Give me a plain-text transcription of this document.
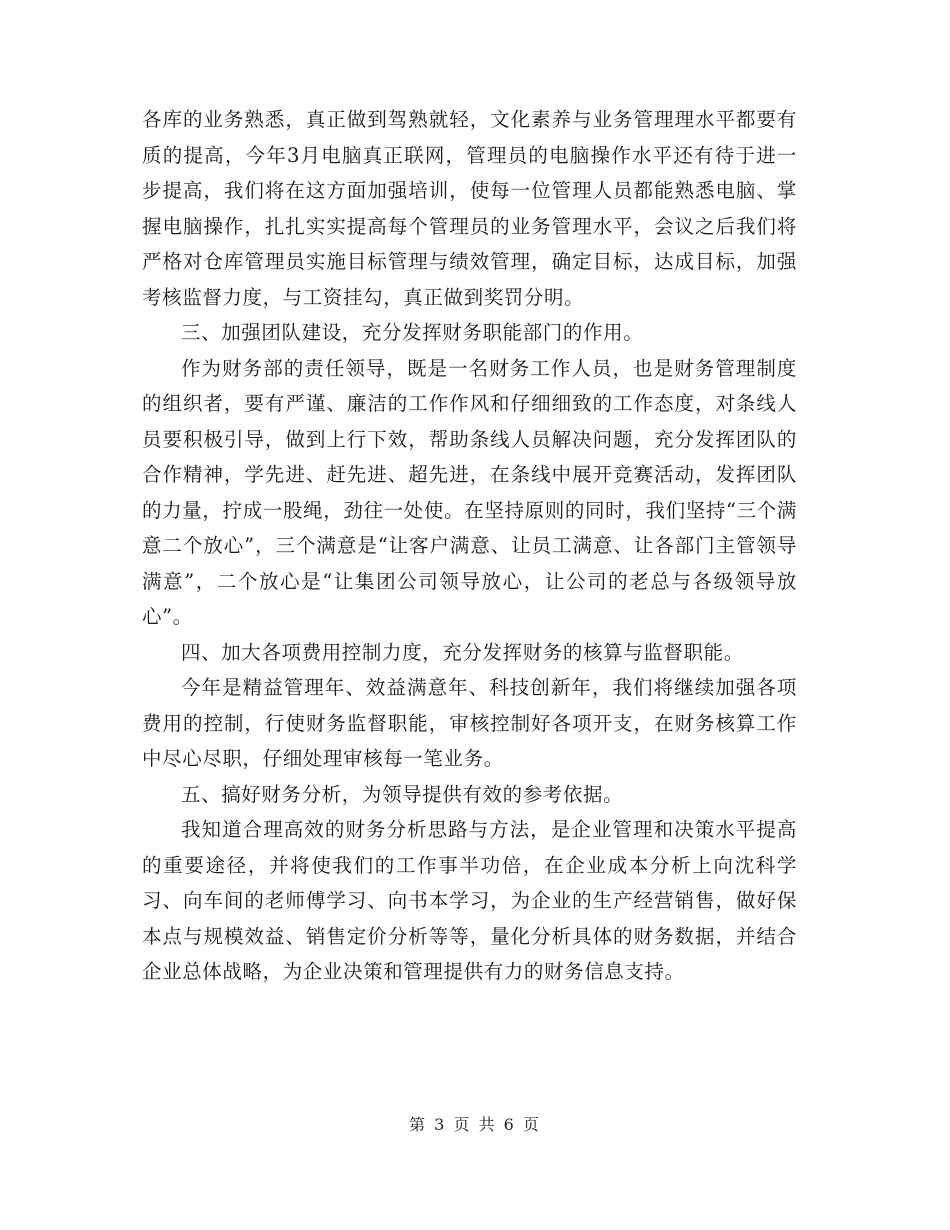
各库的业务熟悉，真正做到驾熟就轻，文化素养与业务管理理水平都要有质的提高，今年3月电脑真正联网，管理员的电脑操作水平还有待于进一步提高，我们将在这方面加强培训，使每一位管理人员都能熟悉电脑、掌握电脑操作，扎扎实实提高每个管理员的业务管理水平，会议之后我们将严格对仓库管理员实施目标管理与绩效管理，确定目标，达成目标，加强考核监督力度，与工资挂勾，真正做到奖罚分明。

三、加强团队建设，充分发挥财务职能部门的作用。

作为财务部的责任领导，既是一名财务工作人员，也是财务管理制度的组织者，要有严谨、廉洁的工作作风和仔细细致的工作态度，对条线人员要积极引导，做到上行下效，帮助条线人员解决问题，充分发挥团队的合作精神，学先进、赶先进、超先进，在条线中展开竞赛活动，发挥团队的力量，拧成一股绳，劲往一处使。在坚持原则的同时，我们坚持“三个满意二个放心”，三个满意是“让客户满意、让员工满意、让各部门主管领导满意”，二个放心是“让集团公司领导放心，让公司的老总与各级领导放心”。

四、加大各项费用控制力度，充分发挥财务的核算与监督职能。

今年是精益管理年、效益满意年、科技创新年，我们将继续加强各项费用的控制，行使财务监督职能，审核控制好各项开支，在财务核算工作中尽心尽职，仔细处理审核每一笔业务。

五、搞好财务分析，为领导提供有效的参考依据。

我知道合理高效的财务分析思路与方法，是企业管理和决策水平提高的重要途径，并将使我们的工作事半功倍，在企业成本分析上向沈科学习、向车间的老师傅学习、向书本学习，为企业的生产经营销售，做好保本点与规模效益、销售定价分析等等，量化分析具体的财务数据，并结合企业总体战略，为企业决策和管理提供有力的财务信息支持。

第 3 页 共 6 页
